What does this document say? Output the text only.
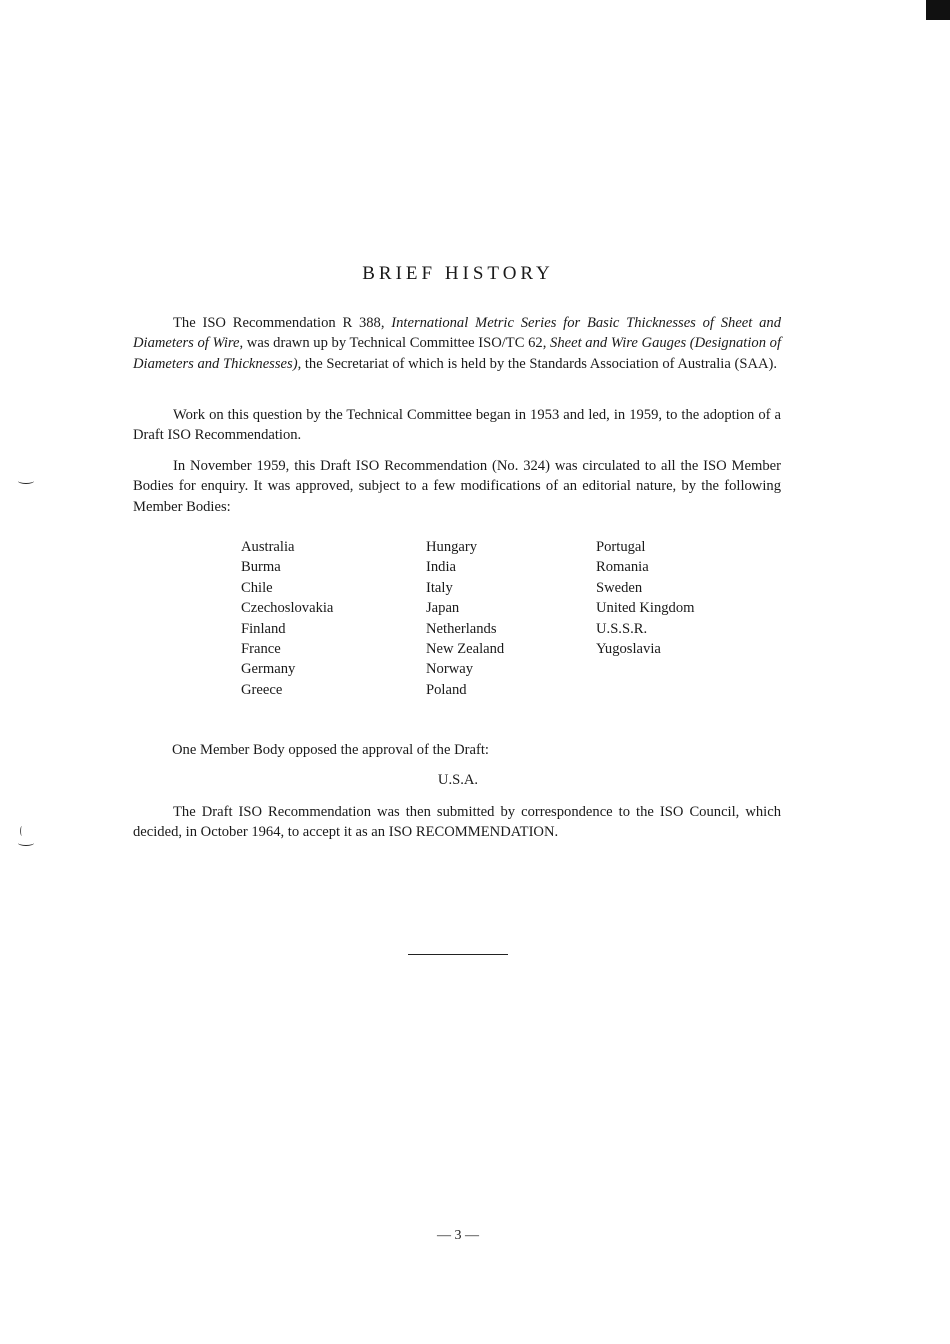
BRIEF HISTORY

The ISO Recommendation R 388, International Metric Series for Basic Thicknesses of Sheet and Diameters of Wire, was drawn up by Technical Committee ISO/TC 62, Sheet and Wire Gauges (Designation of Diameters and Thicknesses), the Secretariat of which is held by the Standards Association of Australia (SAA).

Work on this question by the Technical Committee began in 1953 and led, in 1959, to the adoption of a Draft ISO Recommendation.

In November 1959, this Draft ISO Recommendation (No. 324) was circulated to all the ISO Member Bodies for enquiry. It was approved, subject to a few modifications of an editorial nature, by the following Member Bodies:

Australia
Burma
Chile
Czechoslovakia
Finland
France
Germany
Greece
Hungary
India
Italy
Japan
Netherlands
New Zealand
Norway
Poland
Portugal
Romania
Sweden
United Kingdom
U.S.S.R.
Yugoslavia
One Member Body opposed the approval of the Draft:
U.S.A.

The Draft ISO Recommendation was then submitted by correspondence to the ISO Council, which decided, in October 1964, to accept it as an ISO RECOMMENDATION.

— 3 —
